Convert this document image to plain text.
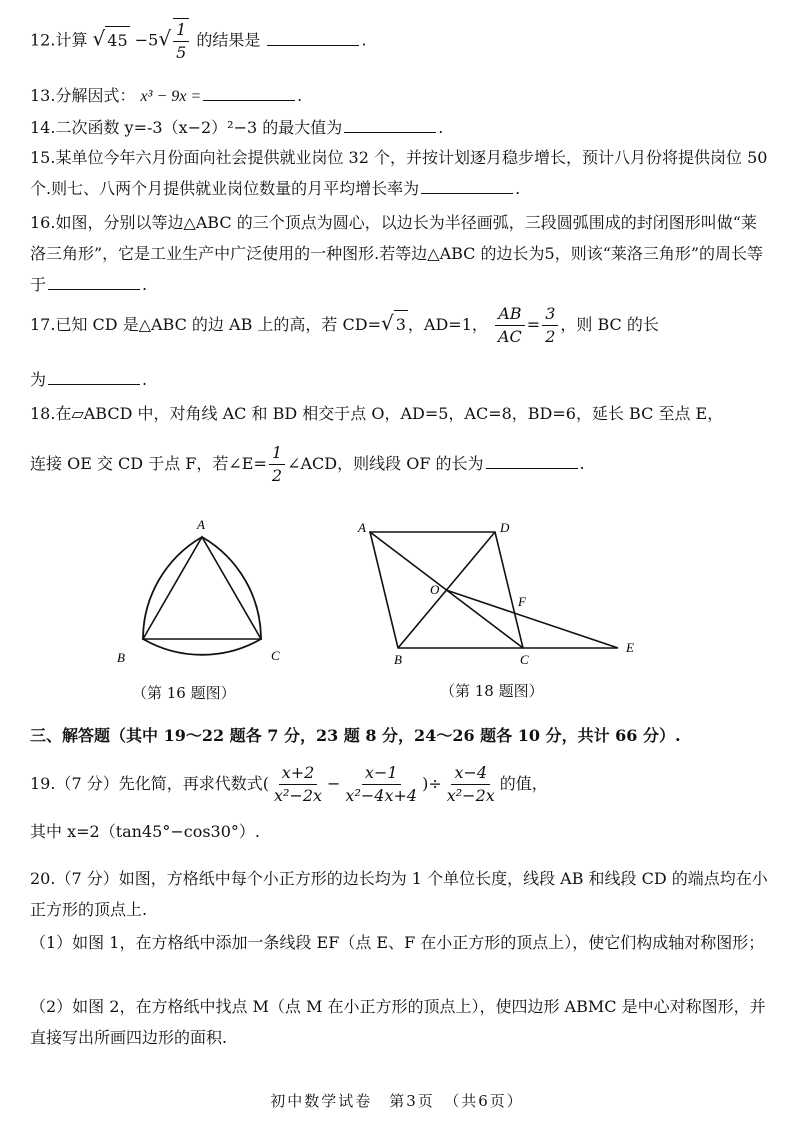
12.计算 √ $45 -5√ \frac{1}{5}$ 的结果是	.
13.分解因式： x³ − 9x =	.
14.二次函数 y=-3（x−2）²−3 的最大值为	.
15.某单位今年六月份面向社会提供就业岗位 32 个，并按计划逐月稳步增长，预计八月份将提供岗位 50 个.则七、八两个月提供就业岗位数量的月平均增长率为	.
16.如图，分别以等边△ABC 的三个顶点为圆心，以边长为半径画弧，三段圆弧围成的封闭图形叫做“莱洛三角形”，它是工业生产中广泛使用的一种图形.若等边△ABC 的边长为5，则该“莱洛三角形”的周长等于	.
17.已知 CD 是△ABC 的边 AB 上的高，若 CD=√ 3 ，AD=1， $\frac{AB}{AC} = \frac{3}{2}$ ，则 BC 的长
为	.
18.在▱ABCD 中，对角线 AC 和 BD 相交于点 O，AD=5，AC=8，BD=6，延长 BC 至点 E，
连接 OE 交 CD 于点 F，若∠E= $\frac{1}{2}$ ∠ACD，则线段 OF 的长为	.
A
B	C
（第 16 题图）
A	D
O
F
B	C
E
（第 18 题图）
三、解答题（其中 19～22 题各 7 分，23 题 8 分，24～26 题各 10 分，共计 66 分）.
19.（7 分）先化简，再求代数式( $\frac{x+2}{\text{x²−2x}} - \frac{x-1}{\text{x²−4x+4}}$ )÷ $\frac{x-4}{\text{x²−2x}}$ 的值，
其中 x=2（tan45°−cos30°）.
20.（7 分）如图，方格纸中每个小正方形的边长均为 1 个单位长度，线段 AB 和线段 CD 的端点均在小正方形的顶点上.
（1）如图 1，在方格纸中添加一条线段 EF（点 E、F 在小正方形的顶点上），使它们构成轴对称图形；
（2）如图 2，在方格纸中找点 M（点 M 在小正方形的顶点上），使四边形 ABMC 是中心对称图形，并直接写出所画四边形的面积.
初中数学试卷　第3页　（共6页）
